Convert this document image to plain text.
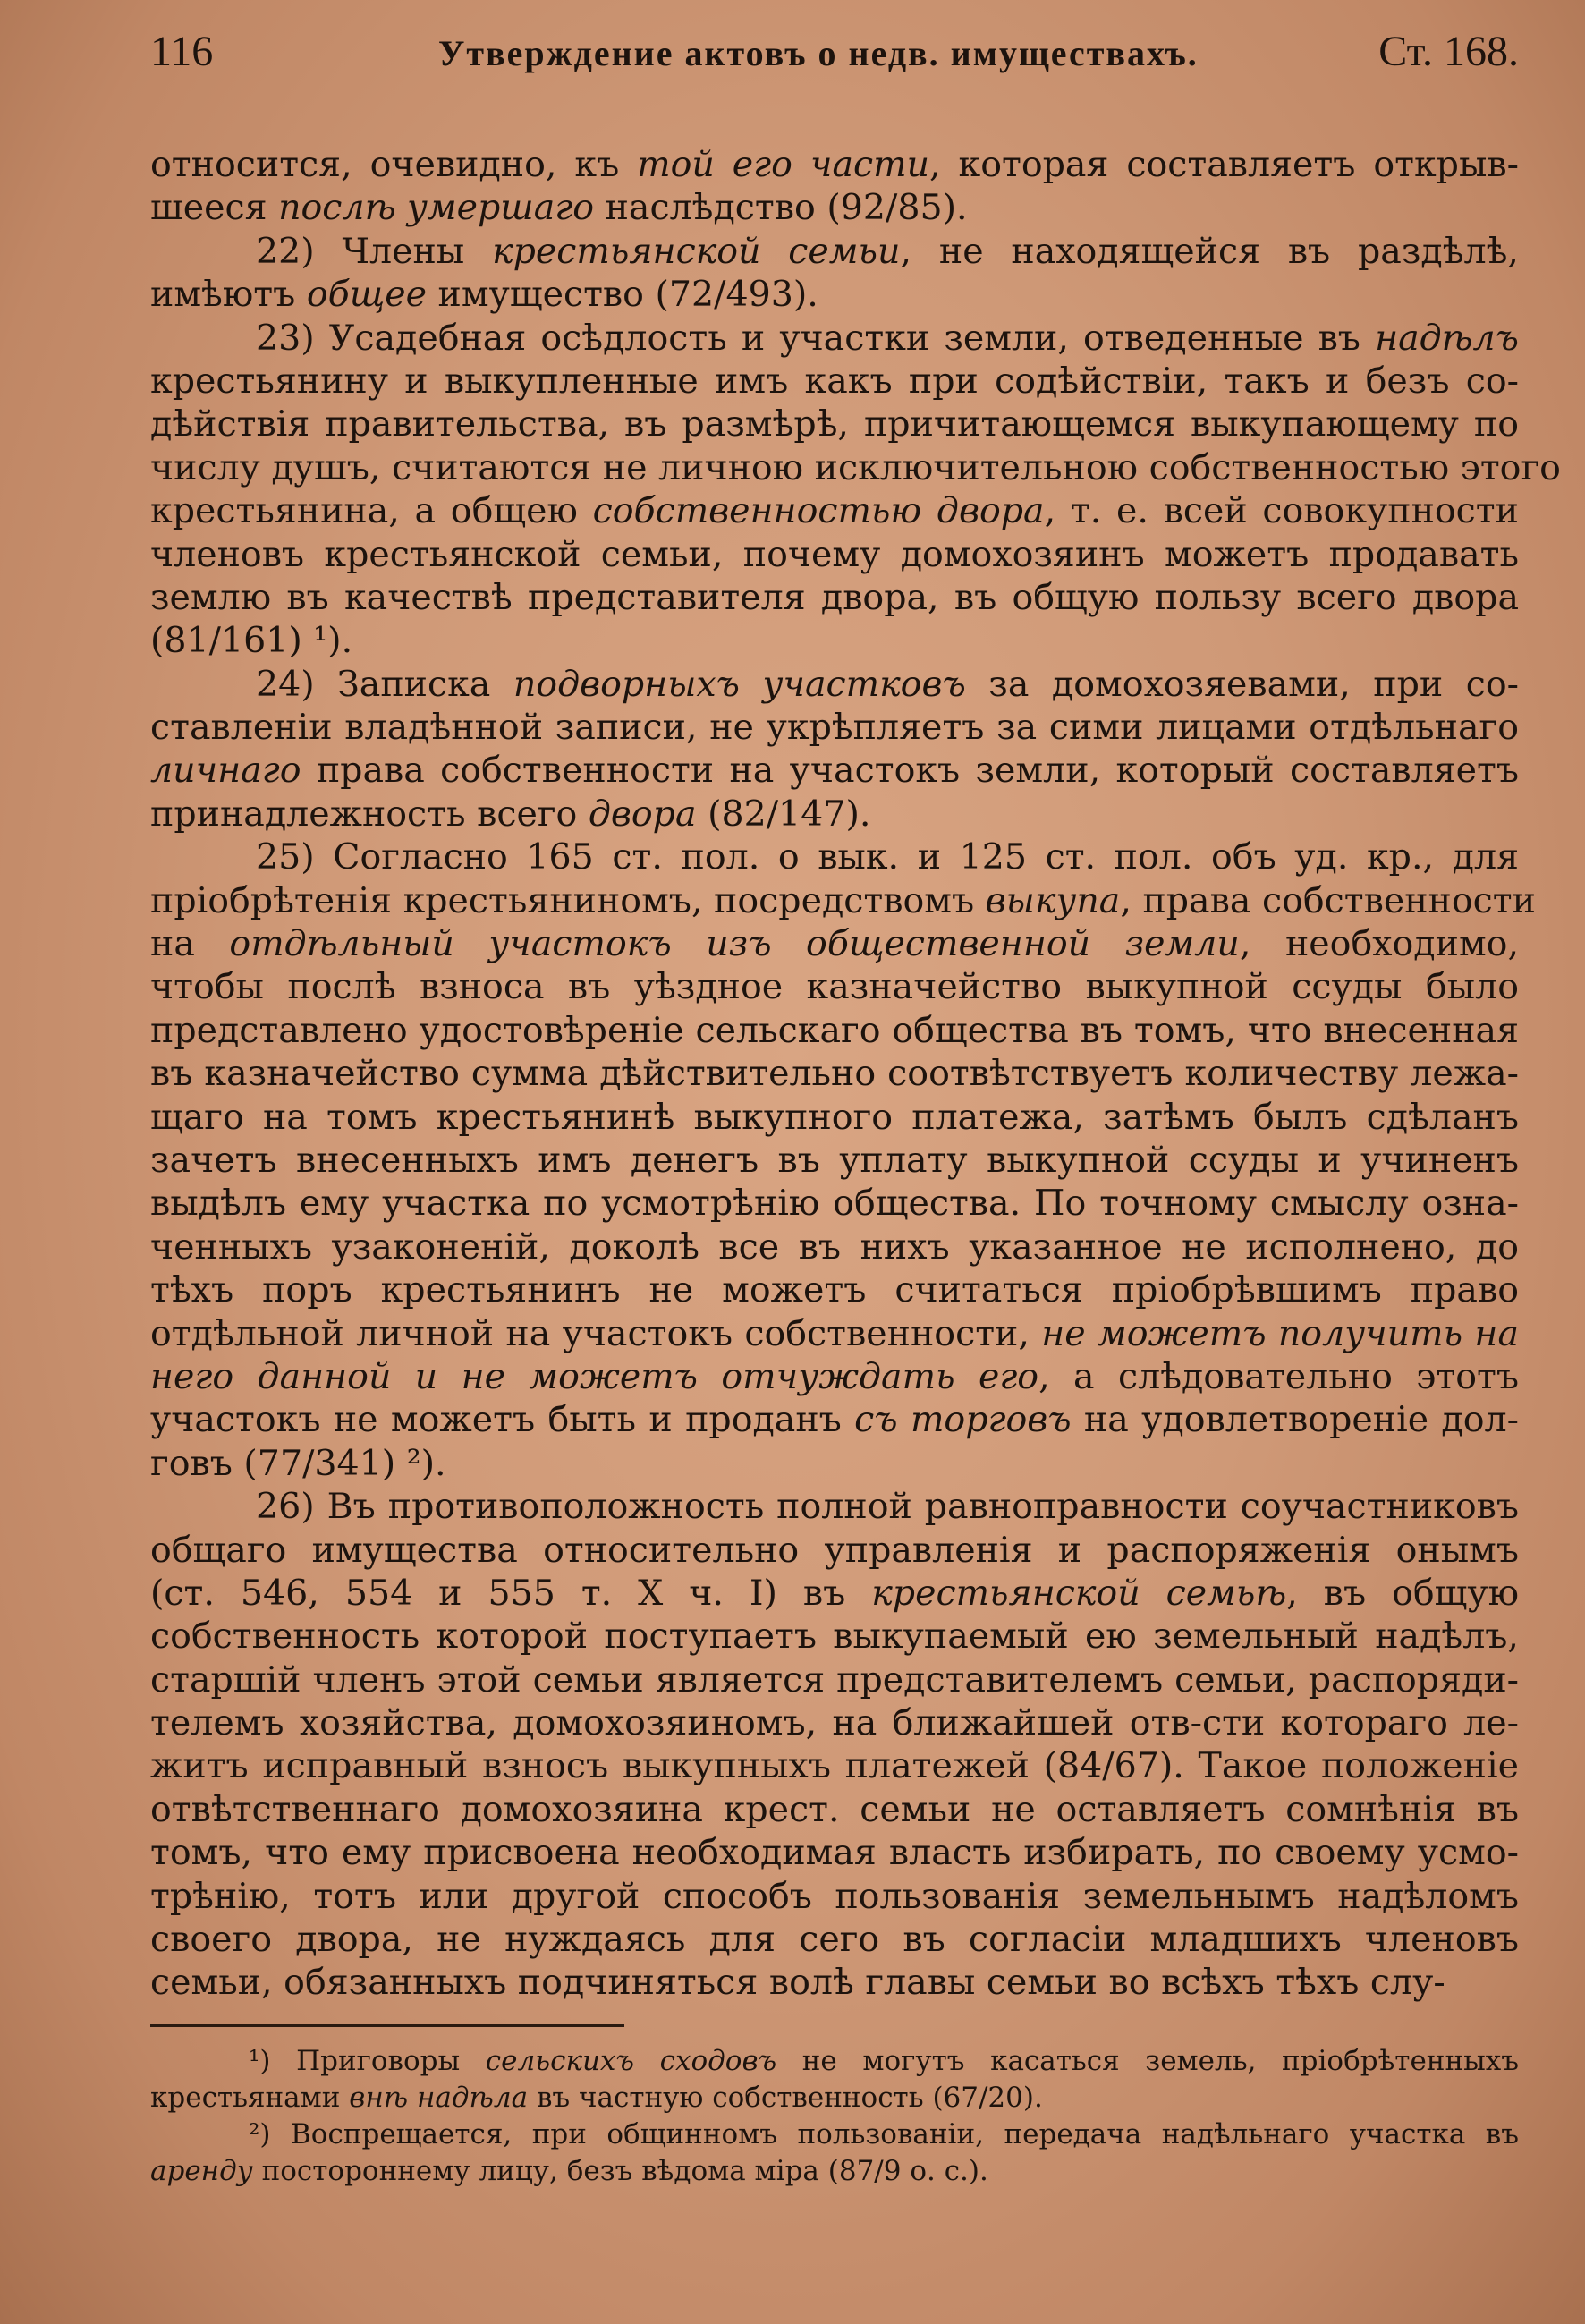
116	Утверждение актовъ о недв. имуществахъ.	Ст. 168.
относится, очевидно, къ той его части, которая составляетъ открыв-
шееся послѣ умершаго наслѣдство (92/85).
22) Члены крестьянской семьи, не находящейся въ раздѣлѣ,
имѣютъ общее имущество (72/493).
23) Усадебная осѣдлость и участки земли, отведенные въ надѣлъ
крестьянину и выкупленные имъ какъ при содѣйствіи, такъ и безъ со-
дѣйствія правительства, въ размѣрѣ, причитающемся выкупающему по
числу душъ, считаются не личною исключительною собственностью этого
крестьянина, а общею собственностью двора, т. е. всей совокупности
членовъ крестьянской семьи, почему домохозяинъ можетъ продавать
землю въ качествѣ представителя двора, въ общую пользу всего двора
(81/161) ¹).
24) Записка подворныхъ участковъ за домохозяевами, при со-
ставленіи владѣнной записи, не укрѣпляетъ за сими лицами отдѣльнаго
личнаго права собственности на участокъ земли, который составляетъ
принадлежность всего двора (82/147).
25) Согласно 165 ст. пол. о вык. и 125 ст. пол. объ уд. кр., для
пріобрѣтенія крестьяниномъ, посредствомъ выкупа, права собственности
на отдѣльный участокъ изъ общественной земли, необходимо,
чтобы послѣ взноса въ уѣздное казначейство выкупной ссуды было
представлено удостовѣреніе сельскаго общества въ томъ, что внесенная
въ казначейство сумма дѣйствительно соотвѣтствуетъ количеству лежа-
щаго на томъ крестьянинѣ выкупного платежа, затѣмъ былъ сдѣланъ
зачетъ внесенныхъ имъ денегъ въ уплату выкупной ссуды и учиненъ
выдѣлъ ему участка по усмотрѣнію общества. По точному смыслу озна-
ченныхъ узаконеній, доколѣ все въ нихъ указанное не исполнено, до
тѣхъ поръ крестьянинъ не можетъ считаться пріобрѣвшимъ право
отдѣльной личной на участокъ собственности, не можетъ получить на
него данной и не можетъ отчуждать его, а слѣдовательно этотъ
участокъ не можетъ быть и проданъ съ торговъ на удовлетвореніе дол-
говъ (77/341) ²).
26) Въ противоположность полной равноправности соучастниковъ
общаго имущества относительно управленія и распоряженія онымъ
(ст. 546, 554 и 555 т. X ч. I) въ крестьянской семьѣ, въ общую
собственность которой поступаетъ выкупаемый ею земельный надѣлъ,
старшій членъ этой семьи является представителемъ семьи, распоряди-
телемъ хозяйства, домохозяиномъ, на ближайшей отв-сти котораго ле-
житъ исправный взносъ выкупныхъ платежей (84/67). Такое положеніе
отвѣтственнаго домохозяина крест. семьи не оставляетъ сомнѣнія въ
томъ, что ему присвоена необходимая власть избирать, по своему усмо-
трѣнію, тотъ или другой способъ пользованія земельнымъ надѣломъ
своего двора, не нуждаясь для сего въ согласіи младшихъ членовъ
семьи, обязанныхъ подчиняться волѣ главы семьи во всѣхъ тѣхъ слу-
¹) Приговоры сельскихъ сходовъ не могутъ касаться земель, пріобрѣтенныхъ
крестьянами внѣ надѣла въ частную собственность (67/20).
²) Воспрещается, при общинномъ пользованіи, передача надѣльнаго участка въ
аренду постороннему лицу, безъ вѣдома міра (87/9 о. с.).
